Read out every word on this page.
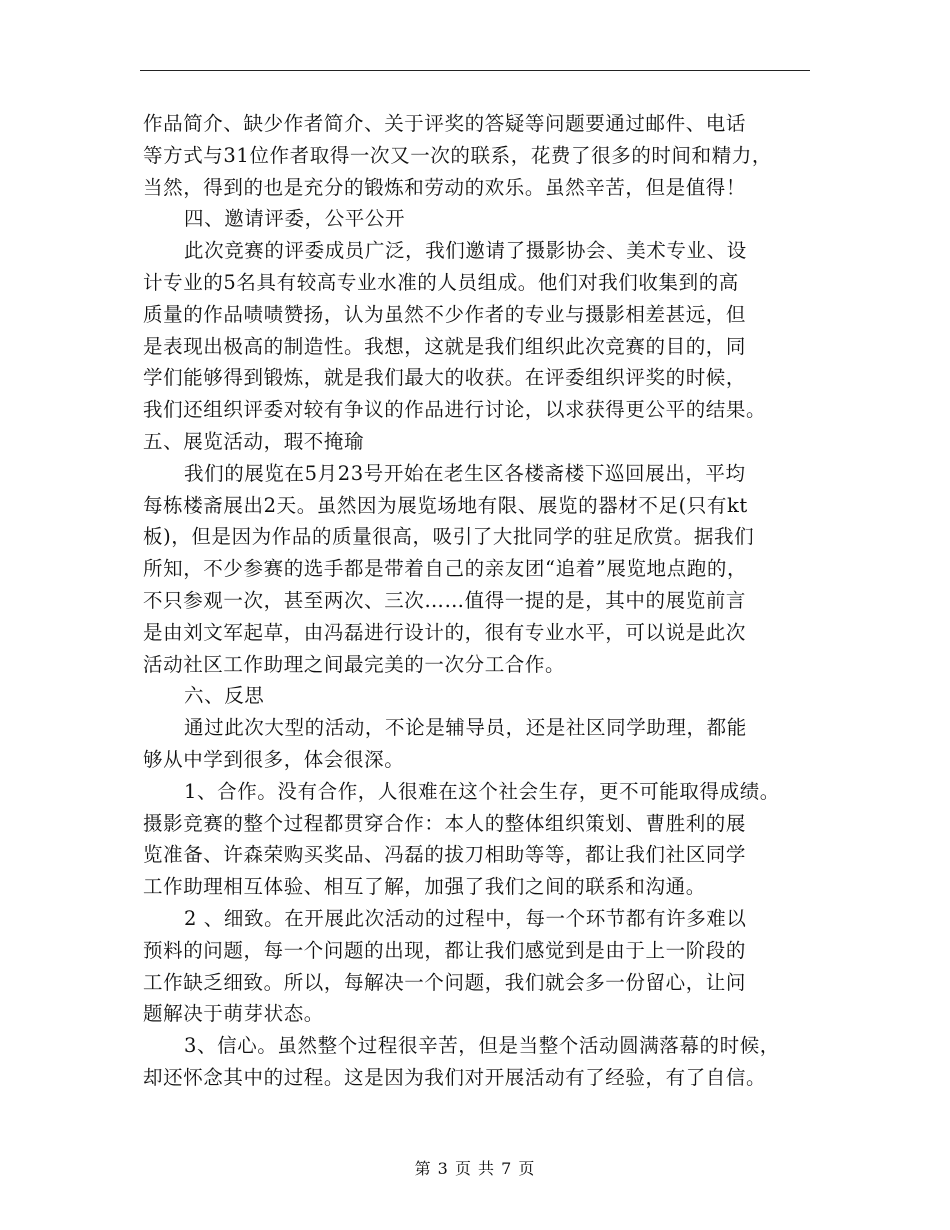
作品简介、缺少作者简介、关于评奖的答疑等问题要通过邮件、电话
等方式与31位作者取得一次又一次的联系，花费了很多的时间和精力，
当然，得到的也是充分的锻炼和劳动的欢乐。虽然辛苦，但是值得！
四、邀请评委，公平公开
此次竞赛的评委成员广泛，我们邀请了摄影协会、美术专业、设
计专业的5名具有较高专业水准的人员组成。他们对我们收集到的高
质量的作品啧啧赞扬，认为虽然不少作者的专业与摄影相差甚远，但
是表现出极高的制造性。我想，这就是我们组织此次竞赛的目的，同
学们能够得到锻炼，就是我们最大的收获。在评委组织评奖的时候，
我们还组织评委对较有争议的作品进行讨论，以求获得更公平的结果。
五、展览活动，瑕不掩瑜
我们的展览在5月23号开始在老生区各楼斋楼下巡回展出，平均
每栋楼斋展出2天。虽然因为展览场地有限、展览的器材不足(只有kt
板)，但是因为作品的质量很高，吸引了大批同学的驻足欣赏。据我们
所知，不少参赛的选手都是带着自己的亲友团“追着”展览地点跑的，
不只参观一次，甚至两次、三次……值得一提的是，其中的展览前言
是由刘文军起草，由冯磊进行设计的，很有专业水平，可以说是此次
活动社区工作助理之间最完美的一次分工合作。
六、反思
通过此次大型的活动，不论是辅导员，还是社区同学助理，都能
够从中学到很多，体会很深。
1、合作。没有合作，人很难在这个社会生存，更不可能取得成绩。
摄影竞赛的整个过程都贯穿合作：本人的整体组织策划、曹胜利的展
览准备、许森荣购买奖品、冯磊的拔刀相助等等，都让我们社区同学
工作助理相互体验、相互了解，加强了我们之间的联系和沟通。
2 、细致。在开展此次活动的过程中，每一个环节都有许多难以
预料的问题，每一个问题的出现，都让我们感觉到是由于上一阶段的
工作缺乏细致。所以，每解决一个问题，我们就会多一份留心，让问
题解决于萌芽状态。
3、信心。虽然整个过程很辛苦，但是当整个活动圆满落幕的时候，
却还怀念其中的过程。这是因为我们对开展活动有了经验，有了自信。
第 3 页 共 7 页
